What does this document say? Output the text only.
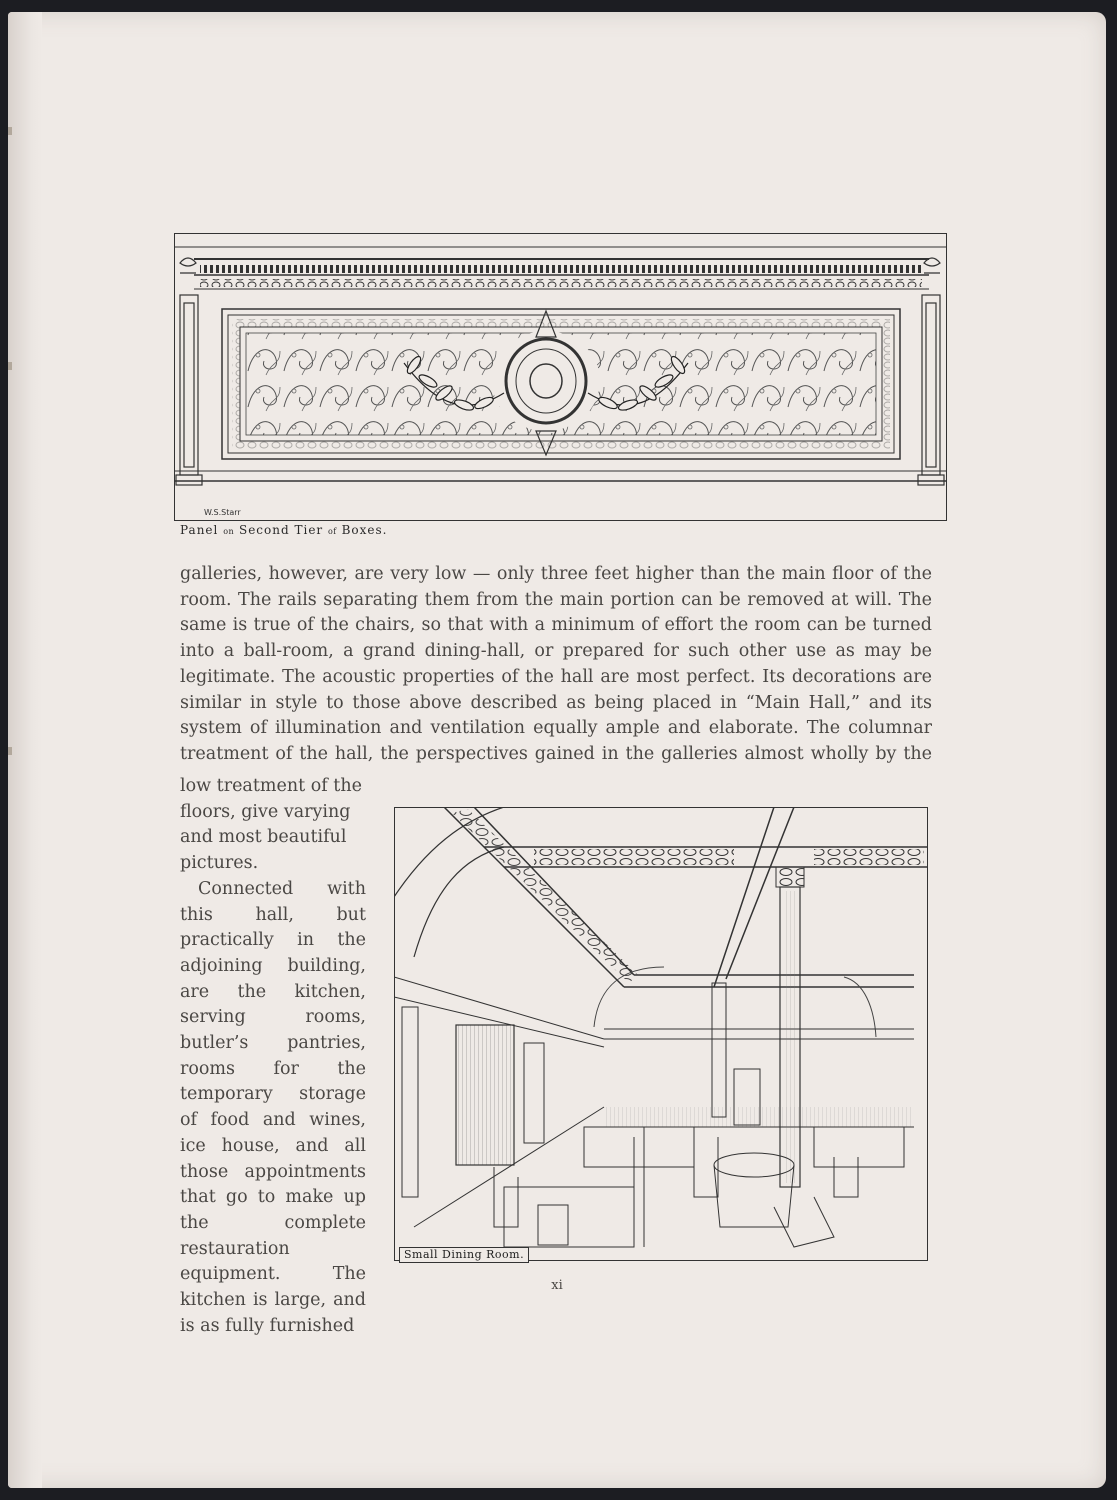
W.S.Starr
Panel on Second Tier of Boxes.
galleries, however, are very low — only three feet higher than the main floor of the room. The rails separating them from the main portion can be removed at will. The same is true of the chairs, so that with a minimum of effort the room can be turned into a ball-room, a grand dining-hall, or prepared for such other use as may be legitimate. The acoustic properties of the hall are most perfect. Its decorations are similar in style to those above described as being placed in “Main Hall,” and its system of illumination and ventilation equally ample and elaborate. The columnar treatment of the hall, the perspectives gained in the galleries almost wholly by the

low treatment of the floors, give varying and most beautiful pictures.

Connected with this hall, but practically in the adjoining building, are the kitchen, serving rooms, butler’s pantries, rooms for the temporary storage of food and wines, ice house, and all those appointments that go to make up the complete restauration equipment. The kitchen is large, and is as fully furnished

Small Dining Room.
xi
